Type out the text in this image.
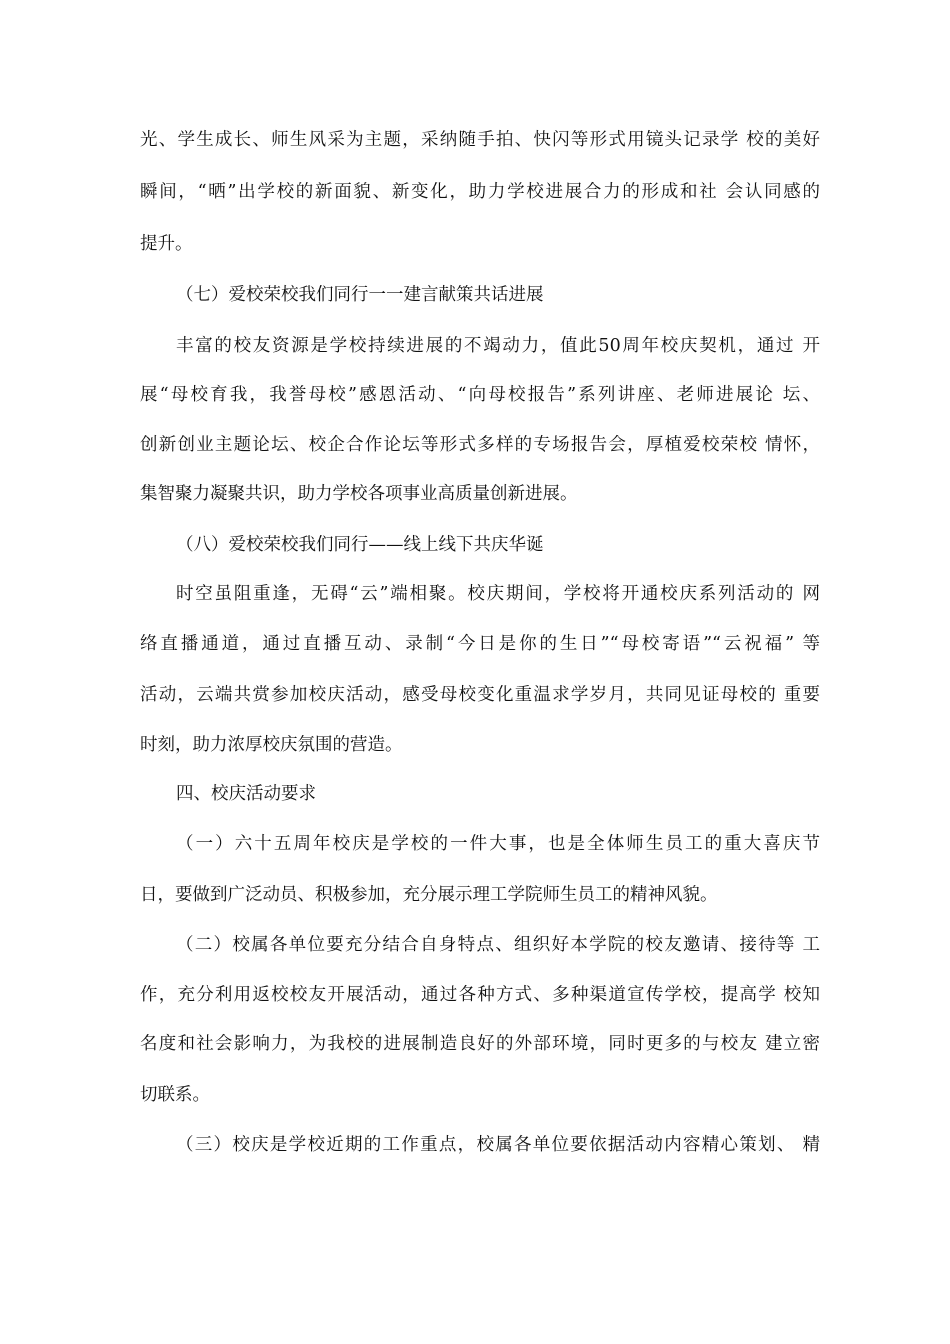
光、学生成长、师生风采为主题，采纳随手拍、快闪等形式用镜头记录学 校的美好
瞬间，“晒”出学校的新面貌、新变化，助力学校进展合力的形成和社 会认同感的
提升。
（七）爱校荣校我们同行一一建言献策共话进展
丰富的校友资源是学校持续进展的不竭动力，值此50周年校庆契机，通过 开
展“母校育我，我誉母校”感恩活动、“向母校报告”系列讲座、老师进展论 坛、
创新创业主题论坛、校企合作论坛等形式多样的专场报告会，厚植爱校荣校 情怀，
集智聚力凝聚共识，助力学校各项事业高质量创新进展。
（八）爱校荣校我们同行——线上线下共庆华诞
时空虽阻重逢，无碍“云”端相聚。校庆期间，学校将开通校庆系列活动的 网
络直播通道，通过直播互动、录制“今日是你的生日”“母校寄语”“云祝福” 等
活动，云端共赏参加校庆活动，感受母校变化重温求学岁月，共同见证母校的 重要
时刻，助力浓厚校庆氛围的营造。
四、校庆活动要求
（一）六十五周年校庆是学校的一件大事，也是全体师生员工的重大喜庆节
日，要做到广泛动员、积极参加，充分展示理工学院师生员工的精神风貌。
（二）校属各单位要充分结合自身特点、组织好本学院的校友邀请、接待等 工
作，充分利用返校校友开展活动，通过各种方式、多种渠道宣传学校，提高学 校知
名度和社会影响力，为我校的进展制造良好的外部环境，同时更多的与校友 建立密
切联系。
（三）校庆是学校近期的工作重点，校属各单位要依据活动内容精心策划、 精
